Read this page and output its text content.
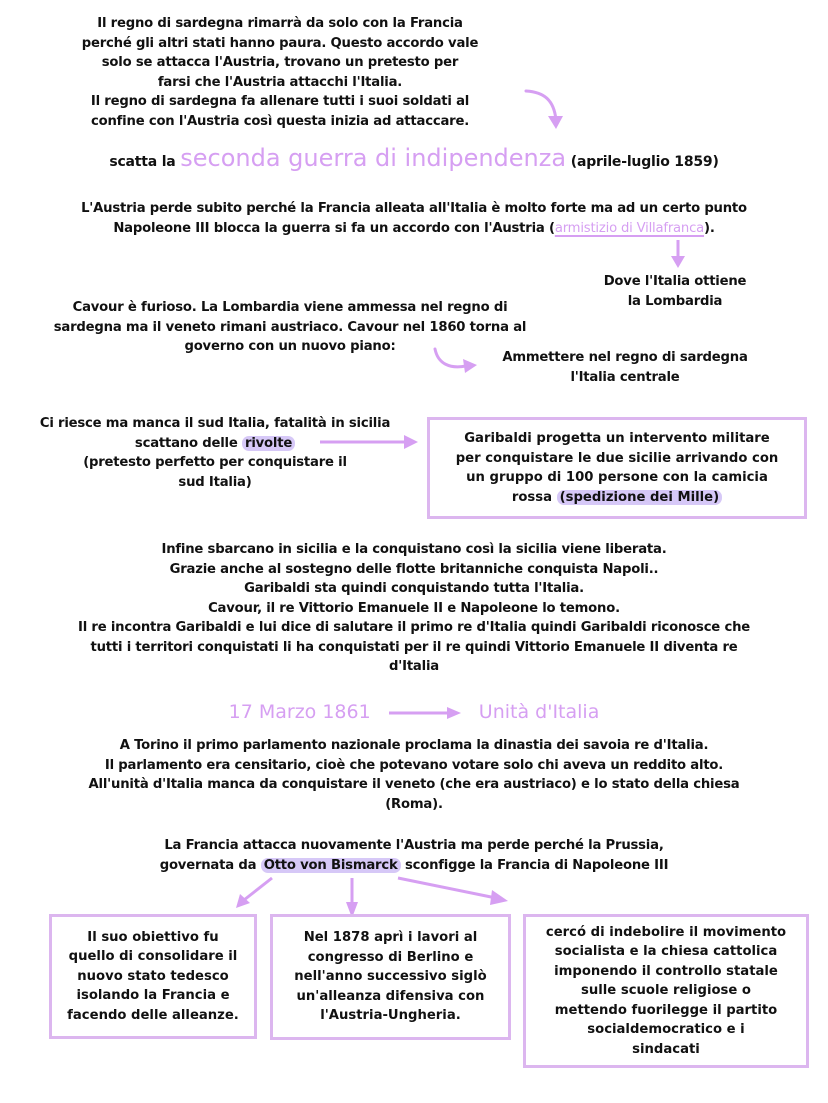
Il regno di sardegna rimarrà da solo con la Francia
perché gli altri stati hanno paura. Questo accordo vale
solo se attacca l'Austria, trovano un pretesto per
farsi che l'Austria attacchi l'Italia.
Il regno di sardegna fa allenare tutti i suoi soldati al
confine con l'Austria così questa inizia ad attaccare.
scatta la seconda guerra di indipendenza (aprile-luglio 1859)
L'Austria perde subito perché la Francia alleata all'Italia è molto forte ma ad un certo punto
Napoleone III blocca la guerra si fa un accordo con l'Austria (armistizio di Villafranca).
Dove l'Italia ottiene
la Lombardia
Cavour è furioso. La Lombardia viene ammessa nel regno di
sardegna ma il veneto rimani austriaco. Cavour nel 1860 torna al
governo con un nuovo piano:
Ammettere nel regno di sardegna
l'Italia centrale
Ci riesce ma manca il sud Italia, fatalità in sicilia
scattano delle rivolte
(pretesto perfetto per conquistare il
sud Italia)
Garibaldi progetta un intervento militare
per conquistare le due sicilie arrivando con
un gruppo di 100 persone con la camicia
rossa (spedizione dei Mille)
Infine sbarcano in sicilia e la conquistano così la sicilia viene liberata.
Grazie anche al sostegno delle flotte britanniche conquista Napoli..
Garibaldi sta quindi conquistando tutta l'Italia.
Cavour, il re Vittorio Emanuele II e Napoleone lo temono.
Il re incontra Garibaldi e lui dice di salutare il primo re d'Italia quindi Garibaldi riconosce che
tutti i territori conquistati li ha conquistati per il re quindi Vittorio Emanuele II diventa re
d'Italia
17 Marzo 1861	Unità d'Italia
A Torino il primo parlamento nazionale proclama la dinastia dei savoia re d'Italia.
Il parlamento era censitario, cioè che potevano votare solo chi aveva un reddito alto.
All'unità d'Italia manca da conquistare il veneto (che era austriaco) e lo stato della chiesa
(Roma).
La Francia attacca nuovamente l'Austria ma perde perché la Prussia,
governata da Otto von Bismarck sconfigge la Francia di Napoleone III
Il suo obiettivo fu
quello di consolidare il
nuovo stato tedesco
isolando la Francia e
facendo delle alleanze.
Nel 1878 aprì i lavori al
congresso di Berlino e
nell'anno successivo siglò
un'alleanza difensiva con
l'Austria-Ungheria.
cercó di indebolire il movimento
socialista e la chiesa cattolica
imponendo il controllo statale
sulle scuole religiose o
mettendo fuorilegge il partito
socialdemocratico e i
sindacati
